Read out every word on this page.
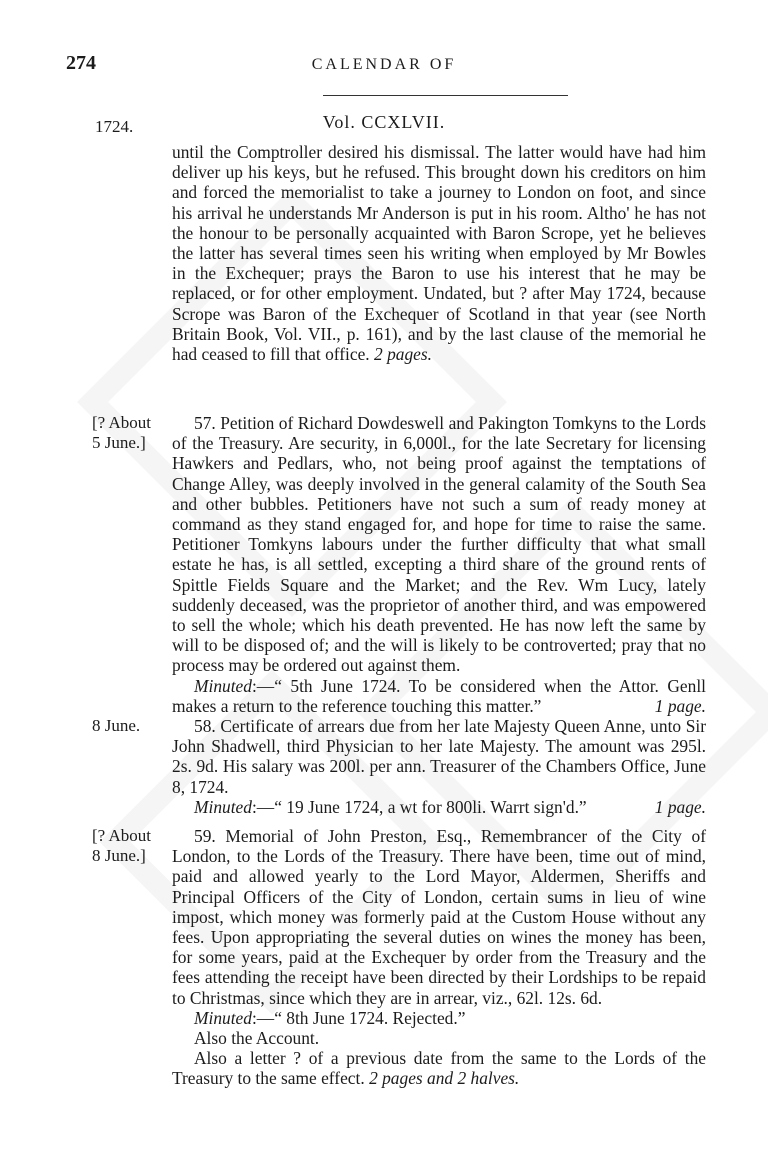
274	CALENDAR OF
1724.	Vol. CCXLVII.

until the Comptroller desired his dismissal. The latter would have had him deliver up his keys, but he refused. This brought down his creditors on him and forced the memorialist to take a journey to London on foot, and since his arrival he understands Mr Anderson is put in his room. Altho' he has not the honour to be personally acquainted with Baron Scrope, yet he believes the latter has several times seen his writing when employed by Mr Bowles in the Exchequer; prays the Baron to use his interest that he may be replaced, or for other employment. Undated, but ? after May 1724, because Scrope was Baron of the Exchequer of Scotland in that year (see North Britain Book, Vol. VII., p. 161), and by the last clause of the memorial he had ceased to fill that office. 2 pages.

[? About 5 June.]

57. Petition of Richard Dowdeswell and Pakington Tomkyns to the Lords of the Treasury. Are security, in 6,000l., for the late Secretary for licensing Hawkers and Pedlars, who, not being proof against the temptations of Change Alley, was deeply involved in the general calamity of the South Sea and other bubbles. Petitioners have not such a sum of ready money at command as they stand engaged for, and hope for time to raise the same. Petitioner Tomkyns labours under the further difficulty that what small estate he has, is all settled, excepting a third share of the ground rents of Spittle Fields Square and the Market; and the Rev. Wm Lucy, lately suddenly deceased, was the proprietor of another third, and was empowered to sell the whole; which his death prevented. He has now left the same by will to be disposed of; and the will is likely to be controverted; pray that no process may be ordered out against them.

Minuted:—“ 5th June 1724. To be considered when the Attor. Genll makes a return to the reference touching this matter.”	1 page.

8 June.	58. Certificate of arrears due from her late Majesty Queen Anne, unto Sir John Shadwell, third Physician to her late Majesty. The amount was 295l. 2s. 9d. His salary was 200l. per ann. Treasurer of the Chambers Office, June 8, 1724.

Minuted:—“ 19 June 1724, a wt for 800li. Warrt sign'd.”	1 page.

[? About 8 June.]

59. Memorial of John Preston, Esq., Remembrancer of the City of London, to the Lords of the Treasury. There have been, time out of mind, paid and allowed yearly to the Lord Mayor, Aldermen, Sheriffs and Principal Officers of the City of London, certain sums in lieu of wine impost, which money was formerly paid at the Custom House without any fees. Upon appropriating the several duties on wines the money has been, for some years, paid at the Exchequer by order from the Treasury and the fees attending the receipt have been directed by their Lordships to be repaid to Christmas, since which they are in arrear, viz., 62l. 12s. 6d.

Minuted:—“ 8th June 1724. Rejected.”

Also the Account.

Also a letter ? of a previous date from the same to the Lords of the Treasury to the same effect. 2 pages and 2 halves.
